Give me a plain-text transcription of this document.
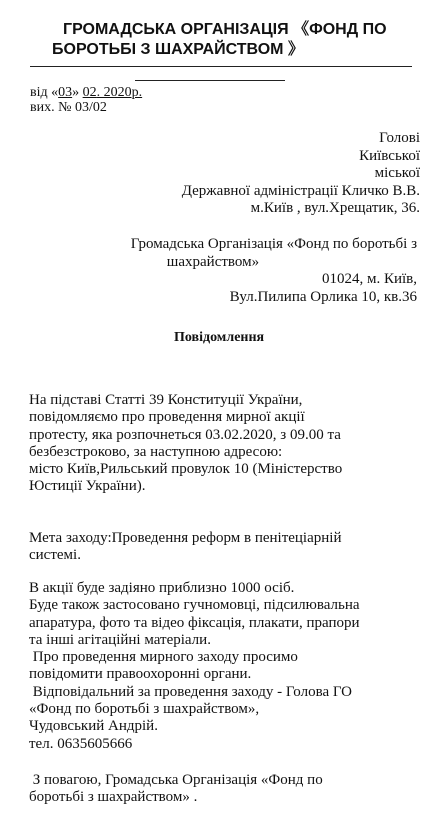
ГРОМАДСЬКА ОРГАНІЗАЦІЯ 《ФОНД ПО
БОРОТЬБІ З ШАХРАЙСТВОМ 》
від «03» 02. 2020р.
вих. № 03/02
Голові
Київської
міської
Державної адміністрації Кличко В.В.
м.Київ , вул.Хрещатик, 36.
Громадська Організація «Фонд по боротьбі з
шахрайством»
01024, м. Київ,
Вул.Пилипа Орлика 10, кв.36
Повідомлення
На підставі Статті 39 Конституції України,
повідомляємо про проведення мирної акції
протесту, яка розпочнеться 03.02.2020, з 09.00 та
безбезстроково, за наступною адресою:
місто Київ,Рильський провулок 10 (Міністерство
Юстиції України).
Мета заходу:Проведення реформ в пенітеціарній
системі.
В акції буде задіяно приблизно 1000 осіб.
Буде також застосовано гучномовці, підсилювальна
апаратура, фото та відео фіксація, плакати, прапори
та інші агітаційні матеріали.
Про проведення мирного заходу просимо
повідомити правоохоронні органи.
Відповідальний за проведення заходу - Голова ГО
«Фонд по боротьбі з шахрайством»,
Чудовський Андрій.
тел. 0635605666
З повагою, Громадська Організація «Фонд по
боротьбі з шахрайством» .
